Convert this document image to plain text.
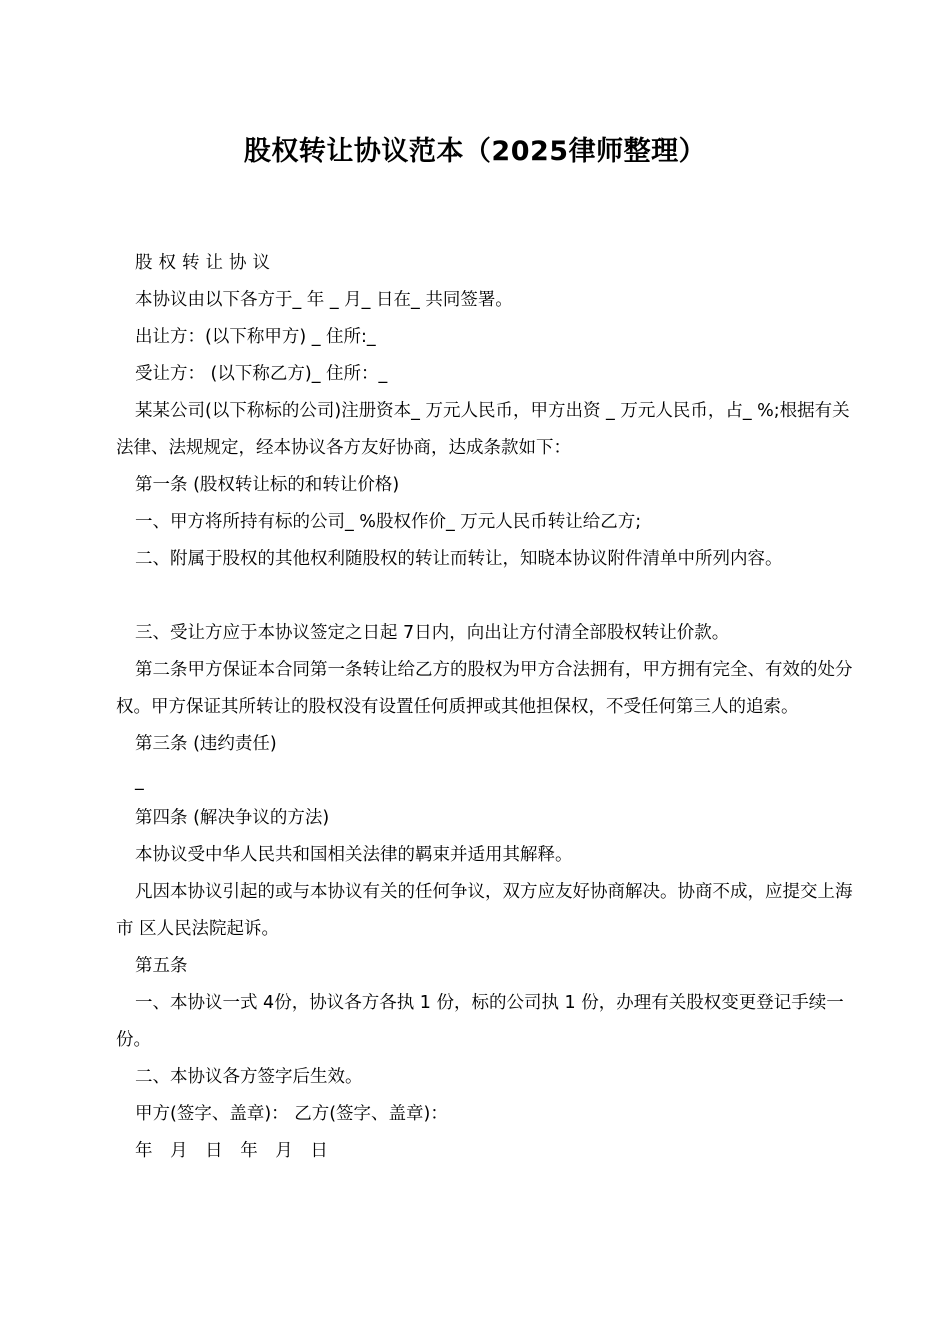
股权转让协议范本（2025律师整理）

股权转让协议

本协议由以下各方于_ 年 _ 月_ 日在_ 共同签署。

出让方：(以下称甲方) _ 住所:_

受让方： (以下称乙方)_ 住所：_

某某公司(以下称标的公司)注册资本_ 万元人民币，甲方出资 _ 万元人民币，占_ %;根据有关法律、法规规定，经本协议各方友好协商，达成条款如下：

第一条 (股权转让标的和转让价格)

一、甲方将所持有标的公司_ %股权作价_ 万元人民币转让给乙方;

二、附属于股权的其他权利随股权的转让而转让，知晓本协议附件清单中所列内容。

三、受让方应于本协议签定之日起 7日内，向出让方付清全部股权转让价款。

第二条甲方保证本合同第一条转让给乙方的股权为甲方合法拥有，甲方拥有完全、有效的处分权。甲方保证其所转让的股权没有设置任何质押或其他担保权，不受任何第三人的追索。

第三条 (违约责任)

_

第四条 (解决争议的方法)

本协议受中华人民共和国相关法律的羁束并适用其解释。

凡因本协议引起的或与本协议有关的任何争议，双方应友好协商解决。协商不成，应提交上海市 区人民法院起诉。

第五条

一、本协议一式 4份，协议各方各执 1 份，标的公司执 1 份，办理有关股权变更登记手续一份。

二、本协议各方签字后生效。

甲方(签字、盖章)： 乙方(签字、盖章)：

年 月 日 年 月 日
